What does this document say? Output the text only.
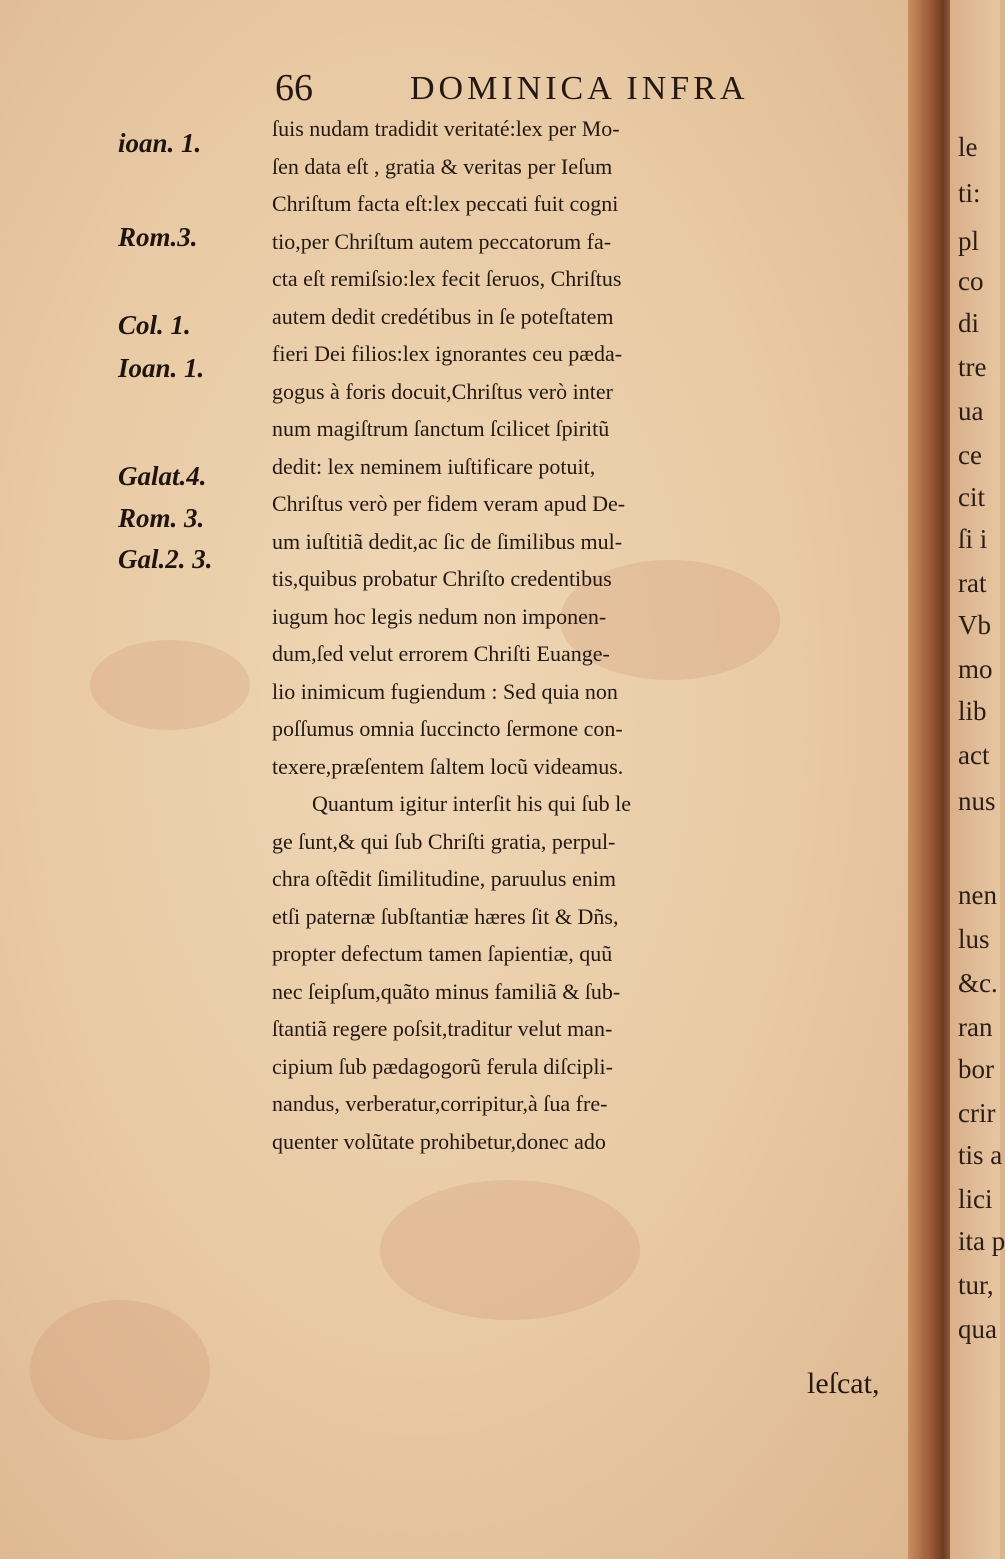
66	DOMINICA INFRA
ioan. 1.
Rom.3.
Col. 1.
Ioan. 1.
Galat.4.
Rom. 3.
Gal.2. 3.
ſuis nudam tradidit veritaté:lex per Mo-
ſen data eſt , gratia & veritas per Ieſum
Chriſtum facta eſt:lex peccati fuit cogni
tio,per Chriſtum autem peccatorum fa-
cta eſt remiſsio:lex fecit ſeruos, Chriſtus
autem dedit credétibus in ſe poteſtatem
fieri Dei filios:lex ignorantes ceu pæda-
gogus à foris docuit,Chriſtus verò inter
num magiſtrum ſanctum ſcilicet ſpiritũ
dedit: lex neminem iuſtificare potuit,
Chriſtus verò per fidem veram apud De-
um iuſtitiã dedit,ac ſic de ſimilibus mul-
tis,quibus probatur Chriſto credentibus
iugum hoc legis nedum non imponen-
dum,ſed velut errorem Chriſti Euange-
lio inimicum fugiendum : Sed quia non
poſſumus omnia ſuccincto ſermone con-
texere,præſentem ſaltem locũ videamus.
Quantum igitur interſit his qui ſub le
ge ſunt,& qui ſub Chriſti gratia, perpul-
chra oſtẽdit ſimilitudine, paruulus enim
etſi paternæ ſubſtantiæ hæres ſit & Dñs,
propter defectum tamen ſapientiæ, quũ
nec ſeipſum,quãto minus familiã & ſub-
ſtantiã regere poſsit,traditur velut man-
cipium ſub pædagogorũ ferula diſcipli-
nandus, verberatur,corripitur,à ſua fre-
quenter volũtate prohibetur,donec ado
leſcat,
le
ti:
pl
co
di
tre
ua
ce
cit
ſi i
rat
Vb
mo
lib
act
nus
nen
lus
&c.
ran
bor
crir
tis a
lici
ita p
tur,
qua
